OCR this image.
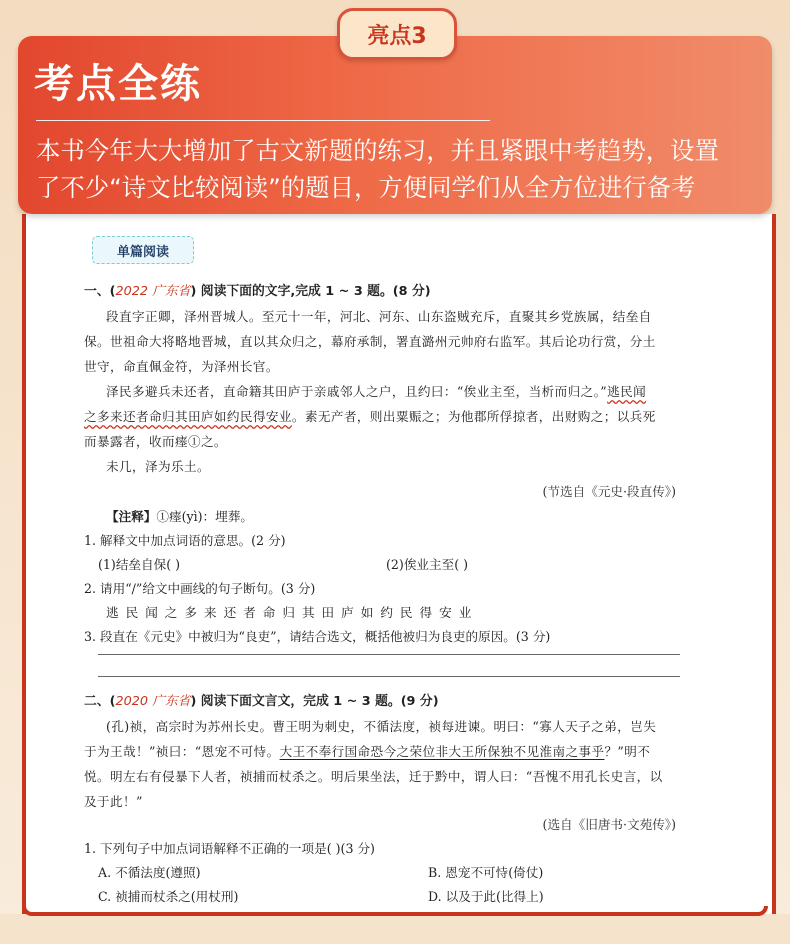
亮点3
考点全练
本书今年大大增加了古文新题的练习，并且紧跟中考趋势，设置
了不少“诗文比较阅读”的题目，方便同学们从全方位进行备考
单篇阅读
一、(2022 广东省) 阅读下面的文字,完成 1 ~ 3 题。(8 分)
段直字正卿，泽州晋城人。至元十一年，河北、河东、山东盗贼充斥，直聚其乡党族属，结垒自
保。世祖命大将略地晋城，直以其众归之，幕府承制，署直潞州元帅府右监军。其后论功行赏，分土
世守，命直佩金符，为泽州长官。
泽民多避兵未还者，直命籍其田庐于亲戚邻人之户，且约曰：“俟业主至，当析而归之。”逃民闻
之多来还者命归其田庐如约民得安业。素无产者，则出粟赈之；为他郡所俘掠者，出财购之；以兵死
而暴露者，收而瘗①之。
未几，泽为乐土。
(节选自《元史·段直传》)
【注释】①瘗(yì)：埋葬。
1. 解释文中加点词语的意思。(2 分)
(1)结垒自保( )	(2)俟业主至( )
2. 请用“/”给文中画线的句子断句。(3 分)
逃民闻之多来还者命归其田庐如约民得安业
3. 段直在《元史》中被归为“良吏”，请结合选文，概括他被归为良吏的原因。(3 分)
二、(2020 广东省) 阅读下面文言文，完成 1 ~ 3 题。(9 分)
(孔)祯，高宗时为苏州长史。曹王明为刺史，不循法度，祯每进谏。明曰：“寡人天子之弟，岂失
于为王哉！”祯曰：“恩宠不可恃。大王不奉行国命恐今之荣位非大王所保独不见淮南之事乎？”明不
悦。明左右有侵暴下人者，祯捕而杖杀之。明后果坐法，迁于黔中，谓人曰：“吾愧不用孔长史言，以
及于此！”
(选自《旧唐书·文苑传》)
1. 下列句子中加点词语解释不正确的一项是( )(3 分)
A. 不循法度(遵照)	B. 恩宠不可恃(倚仗)
C. 祯捕而杖杀之(用杖刑)	D. 以及于此(比得上)
